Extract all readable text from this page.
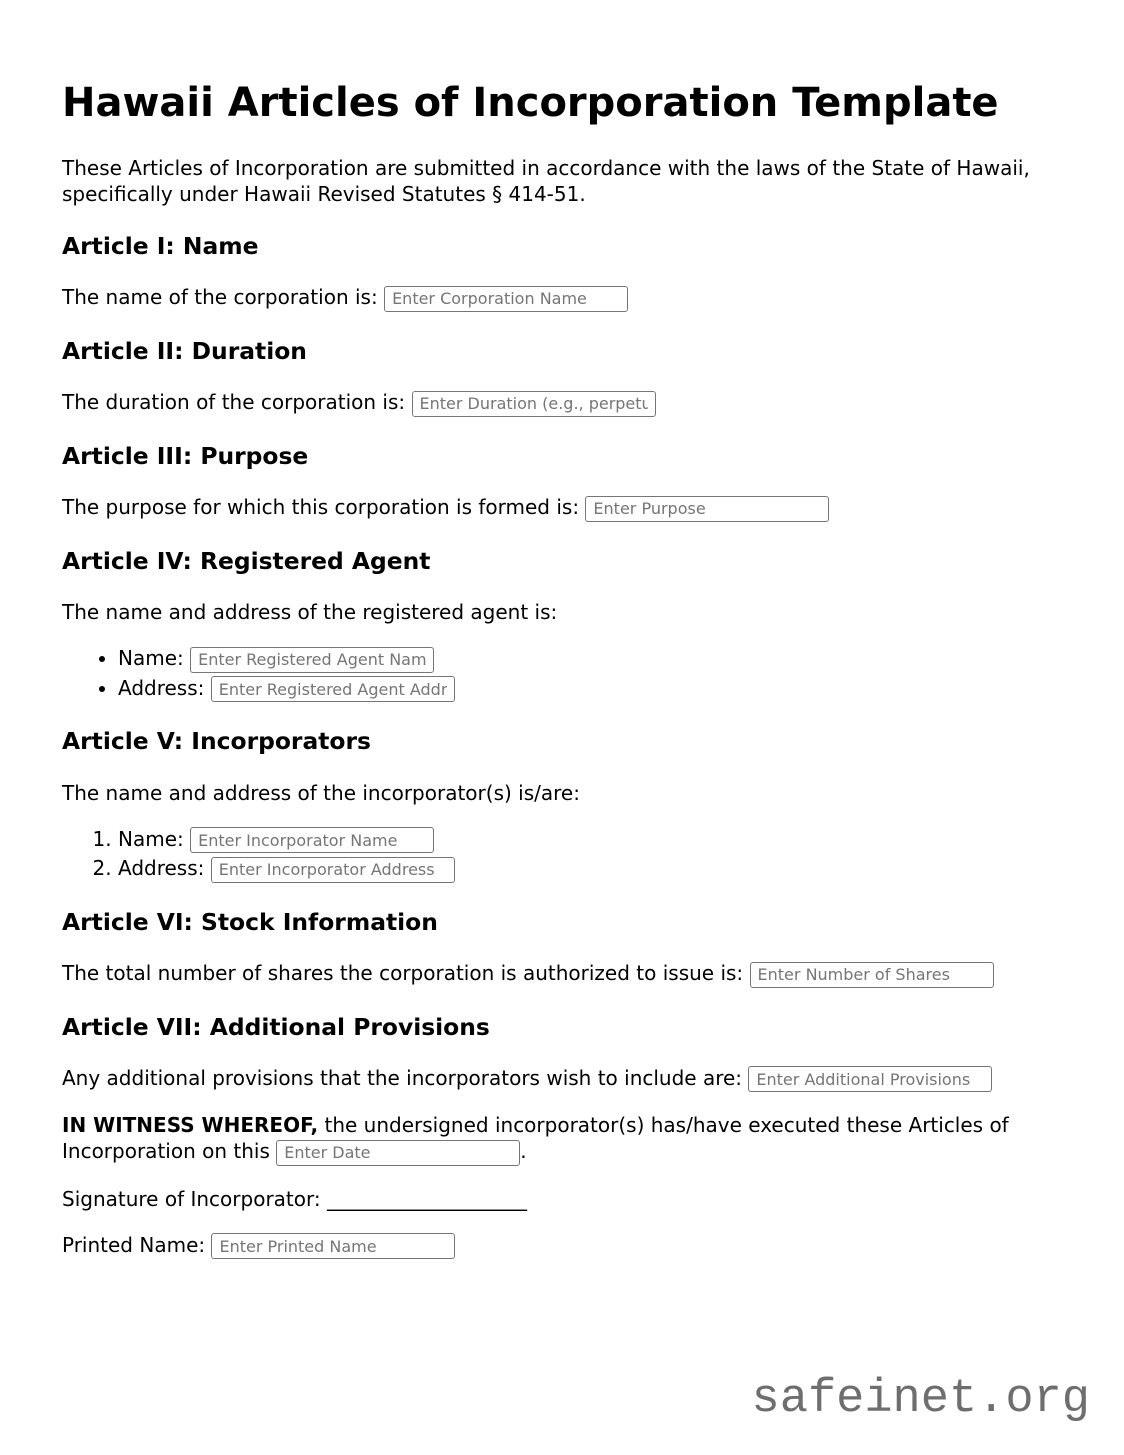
Hawaii Articles of Incorporation Template

These Articles of Incorporation are submitted in accordance with the laws of the State of Hawaii, specifically under Hawaii Revised Statutes § 414-51.

Article I: Name

The name of the corporation is: Enter Corporation Name

Article II: Duration

The duration of the corporation is: Enter Duration (e.g., perpetual)

Article III: Purpose

The purpose for which this corporation is formed is: Enter Purpose

Article IV: Registered Agent

The name and address of the registered agent is:

• Name: Enter Registered Agent Name
• Address: Enter Registered Agent Address
Article V: Incorporators

The name and address of the incorporator(s) is/are:

1. Name: Enter Incorporator Name
2. Address: Enter Incorporator Address
Article VI: Stock Information

The total number of shares the corporation is authorized to issue is: Enter Number of Shares

Article VII: Additional Provisions

Any additional provisions that the incorporators wish to include are: Enter Additional Provisions

IN WITNESS WHEREOF, the undersigned incorporator(s) has/have executed these Articles of Incorporation on this Enter Date	.

Signature of Incorporator: ____________________

Printed Name: Enter Printed Name

safeinet.org
